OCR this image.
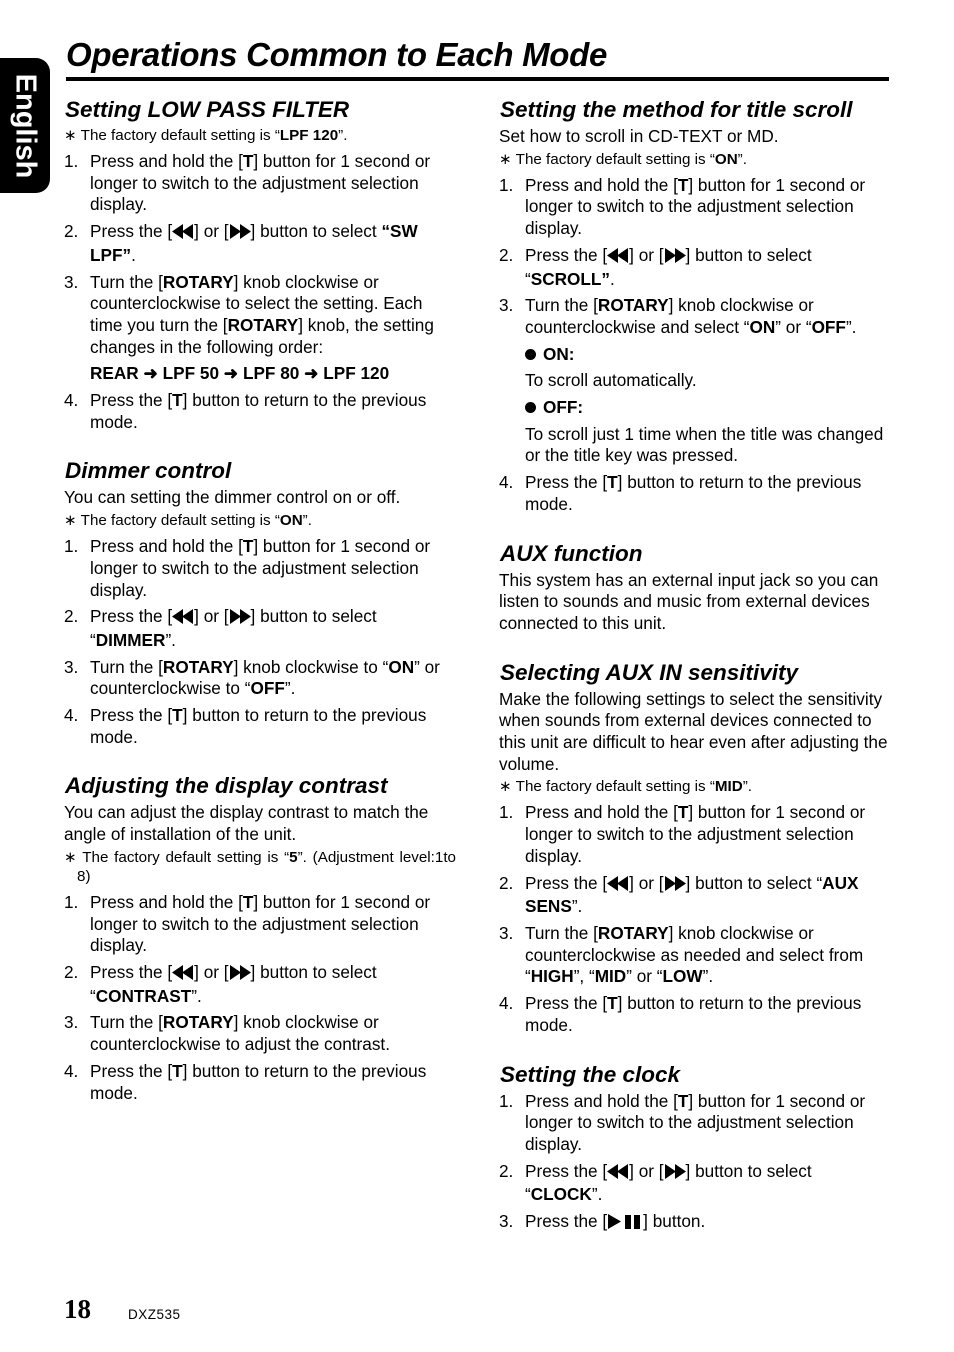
English
Operations Common to Each Mode
Setting LOW PASS FILTER
∗ The factory default setting is “LPF 120”.
1. Press and hold the [T] button for 1 second or longer to switch to the adjustment selection display.
2. Press the [ ] or [ ] button to select “SW LPF”.
3. Turn the [ROTARY] knob clockwise or counterclockwise to select the setting. Each time you turn the [ROTARY] knob, the setting changes in the following order:
REAR ➜ LPF 50 ➜ LPF 80 ➜ LPF 120
4. Press the [T] button to return to the previous mode.
Dimmer control

You can setting the dimmer control on or off.

∗ The factory default setting is “ON”.
1. Press and hold the [T] button for 1 second or longer to switch to the adjustment selection display.
2. Press the [ ] or [ ] button to select “DIMMER”.
3. Turn the [ROTARY] knob clockwise to “ON” or counterclockwise to “OFF”.
4. Press the [T] button to return to the previous mode.
Adjusting the display contrast

You can adjust the display contrast to match the angle of installation of the unit.

∗ The factory default setting is “5”. (Adjustment level:1to 8)
1. Press and hold the [T] button for 1 second or longer to switch to the adjustment selection display.
2. Press the [ ] or [ ] button to select “CONTRAST”.
3. Turn the [ROTARY] knob clockwise or counterclockwise to adjust the contrast.
4. Press the [T] button to return to the previous mode.
Setting the method for title scroll

Set how to scroll in CD-TEXT or MD.

∗ The factory default setting is “ON”.
1. Press and hold the [T] button for 1 second or longer to switch to the adjustment selection display.
2. Press the [ ] or [ ] button to select “SCROLL”.
3. Turn the [ROTARY] knob clockwise or counterclockwise and select “ON” or “OFF”.
ON:
To scroll automatically.
OFF:
To scroll just 1 time when the title was changed or the title key was pressed.
4. Press the [T] button to return to the previous mode.
AUX function

This system has an external input jack so you can listen to sounds and music from external devices connected to this unit.

Selecting AUX IN sensitivity

Make the following settings to select the sensitivity when sounds from external devices connected to this unit are difficult to hear even after adjusting the volume.

∗ The factory default setting is “MID”.
1. Press and hold the [T] button for 1 second or longer to switch to the adjustment selection display.
2. Press the [ ] or [ ] button to select “AUX SENS”.
3. Turn the [ROTARY] knob clockwise or counterclockwise as needed and select from “HIGH”, “MID” or “LOW”.
4. Press the [T] button to return to the previous mode.
Setting the clock
1. Press and hold the [T] button for 1 second or longer to switch to the adjustment selection display.
2. Press the [ ] or [ ] button to select “CLOCK”.
3. Press the [ ] button.
18	DXZ535
